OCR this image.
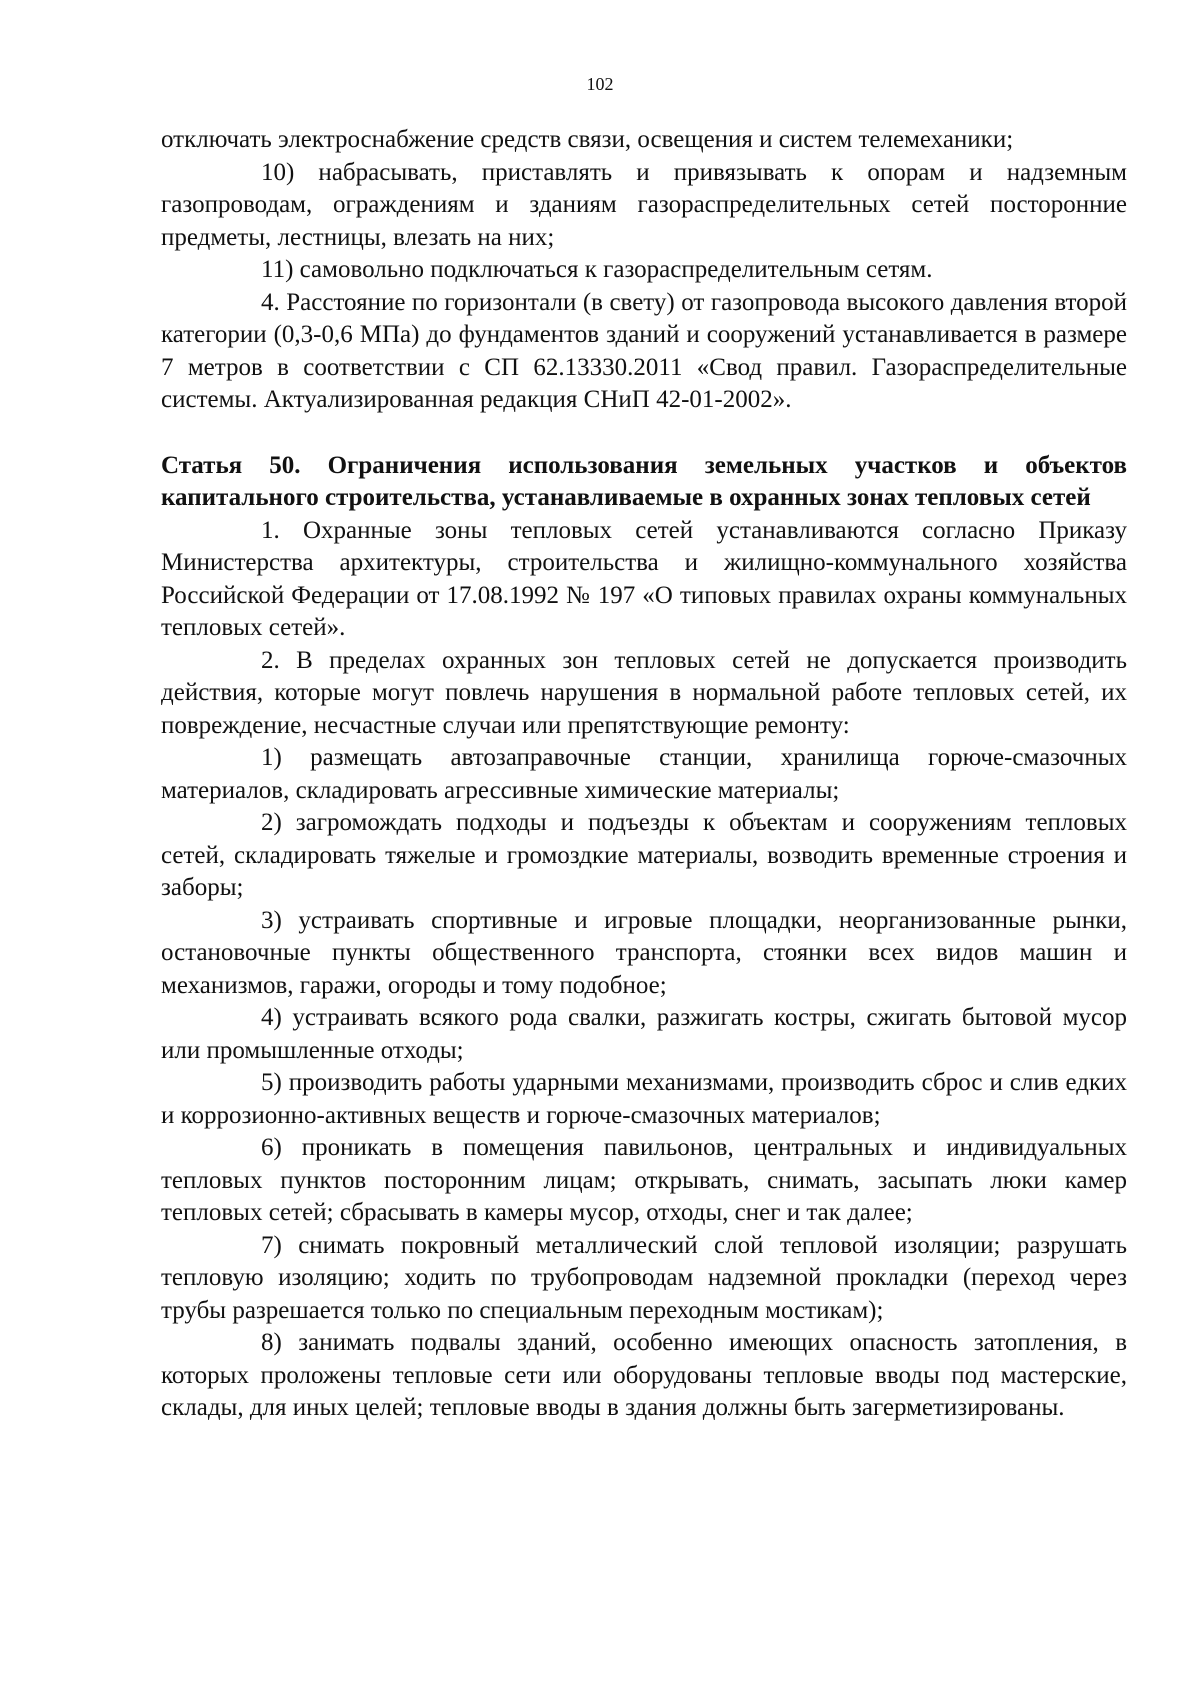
102

отключать электроснабжение средств связи, освещения и систем телемеханики;

10) набрасывать, приставлять и привязывать к опорам и надземным газопроводам, ограждениям и зданиям газораспределительных сетей посторонние предметы, лестницы, влезать на них;

11) самовольно подключаться к газораспределительным сетям.

4. Расстояние по горизонтали (в свету) от газопровода высокого давления второй категории (0,3-0,6 МПа) до фундаментов зданий и сооружений устанавливается в размере 7 метров в соответствии с СП 62.13330.2011 «Свод правил. Газораспределительные системы. Актуализированная редакция СНиП 42-01-2002».

Статья 50. Ограничения использования земельных участков и объектов капитального строительства, устанавливаемые в охранных зонах тепловых сетей

1. Охранные зоны тепловых сетей устанавливаются согласно Приказу Министерства архитектуры, строительства и жилищно-коммунального хозяйства Российской Федерации от 17.08.1992 № 197 «О типовых правилах охраны коммунальных тепловых сетей».

2. В пределах охранных зон тепловых сетей не допускается производить действия, которые могут повлечь нарушения в нормальной работе тепловых сетей, их повреждение, несчастные случаи или препятствующие ремонту:

1) размещать автозаправочные станции, хранилища горюче-смазочных материалов, складировать агрессивные химические материалы;

2) загромождать подходы и подъезды к объектам и сооружениям тепловых сетей, складировать тяжелые и громоздкие материалы, возводить временные строения и заборы;

3) устраивать спортивные и игровые площадки, неорганизованные рынки, остановочные пункты общественного транспорта, стоянки всех видов машин и механизмов, гаражи, огороды и тому подобное;

4) устраивать всякого рода свалки, разжигать костры, сжигать бытовой мусор или промышленные отходы;

5) производить работы ударными механизмами, производить сброс и слив едких и коррозионно-активных веществ и горюче-смазочных материалов;

6) проникать в помещения павильонов, центральных и индивидуальных тепловых пунктов посторонним лицам; открывать, снимать, засыпать люки камер тепловых сетей; сбрасывать в камеры мусор, отходы, снег и так далее;

7) снимать покровный металлический слой тепловой изоляции; разрушать тепловую изоляцию; ходить по трубопроводам надземной прокладки (переход через трубы разрешается только по специальным переходным мостикам);

8) занимать подвалы зданий, особенно имеющих опасность затопления, в которых проложены тепловые сети или оборудованы тепловые вводы под мастерские, склады, для иных целей; тепловые вводы в здания должны быть загерметизированы.
